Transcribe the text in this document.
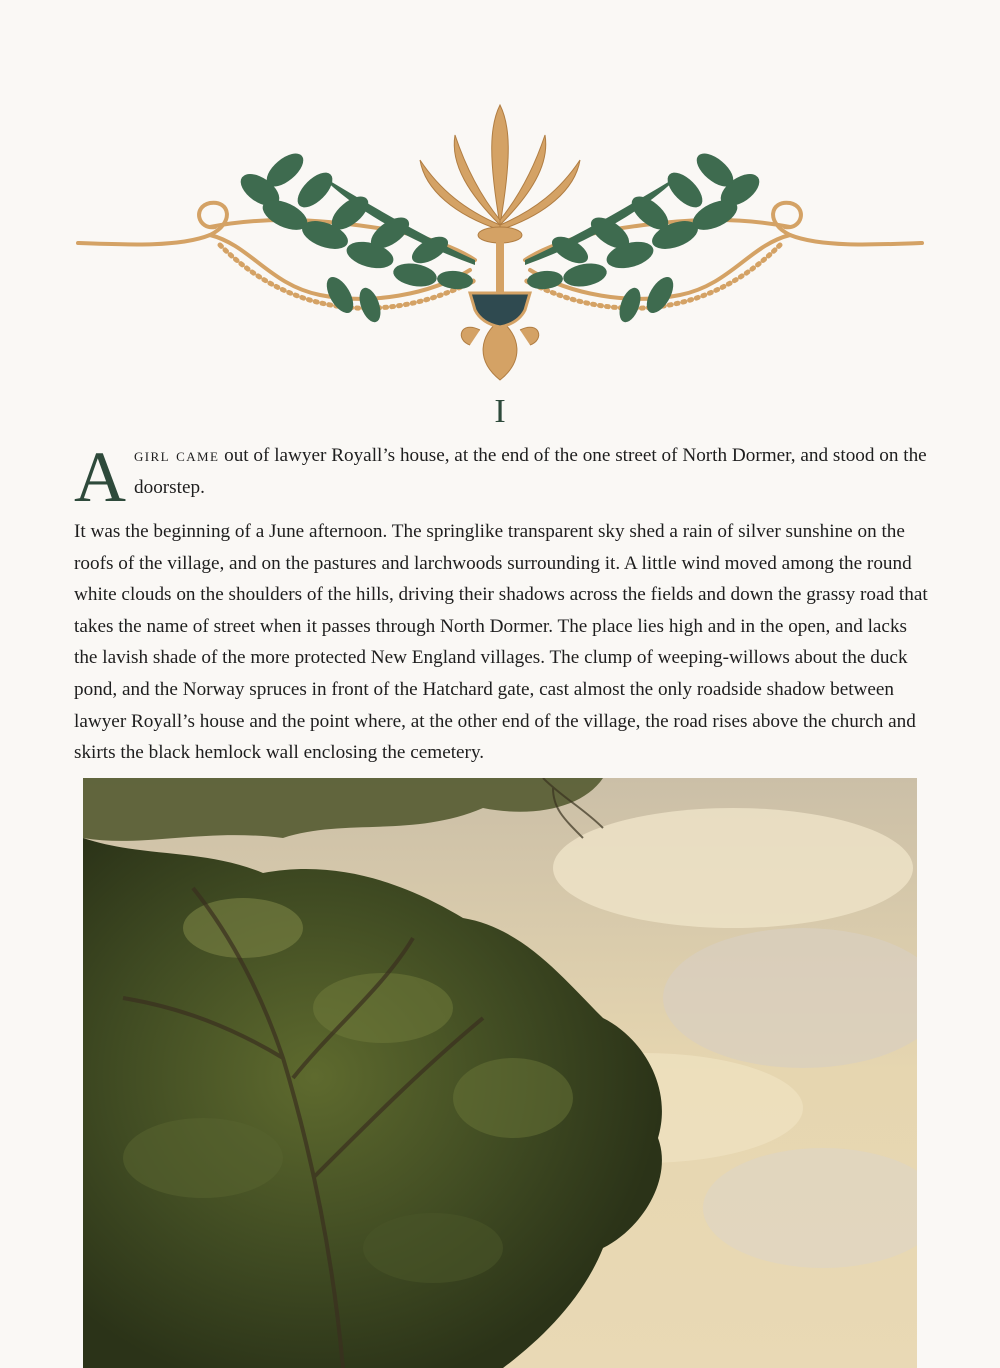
I

Agirl came out of lawyer Royall’s house, at the end of the one street of North Dormer, and stood on the doorstep.

It was the beginning of a June afternoon. The springlike transparent sky shed a rain of silver sunshine on the roofs of the village, and on the pastures and larchwoods surrounding it. A little wind moved among the round white clouds on the shoulders of the hills, driving their shadows across the fields and down the grassy road that takes the name of street when it passes through North Dormer. The place lies high and in the open, and lacks the lavish shade of the more protected New England villages. The clump of weeping-willows about the duck pond, and the Norway spruces in front of the Hatchard gate, cast almost the only roadside shadow between lawyer Royall’s house and the point where, at the other end of the village, the road rises above the church and skirts the black hemlock wall enclosing the cemetery.
